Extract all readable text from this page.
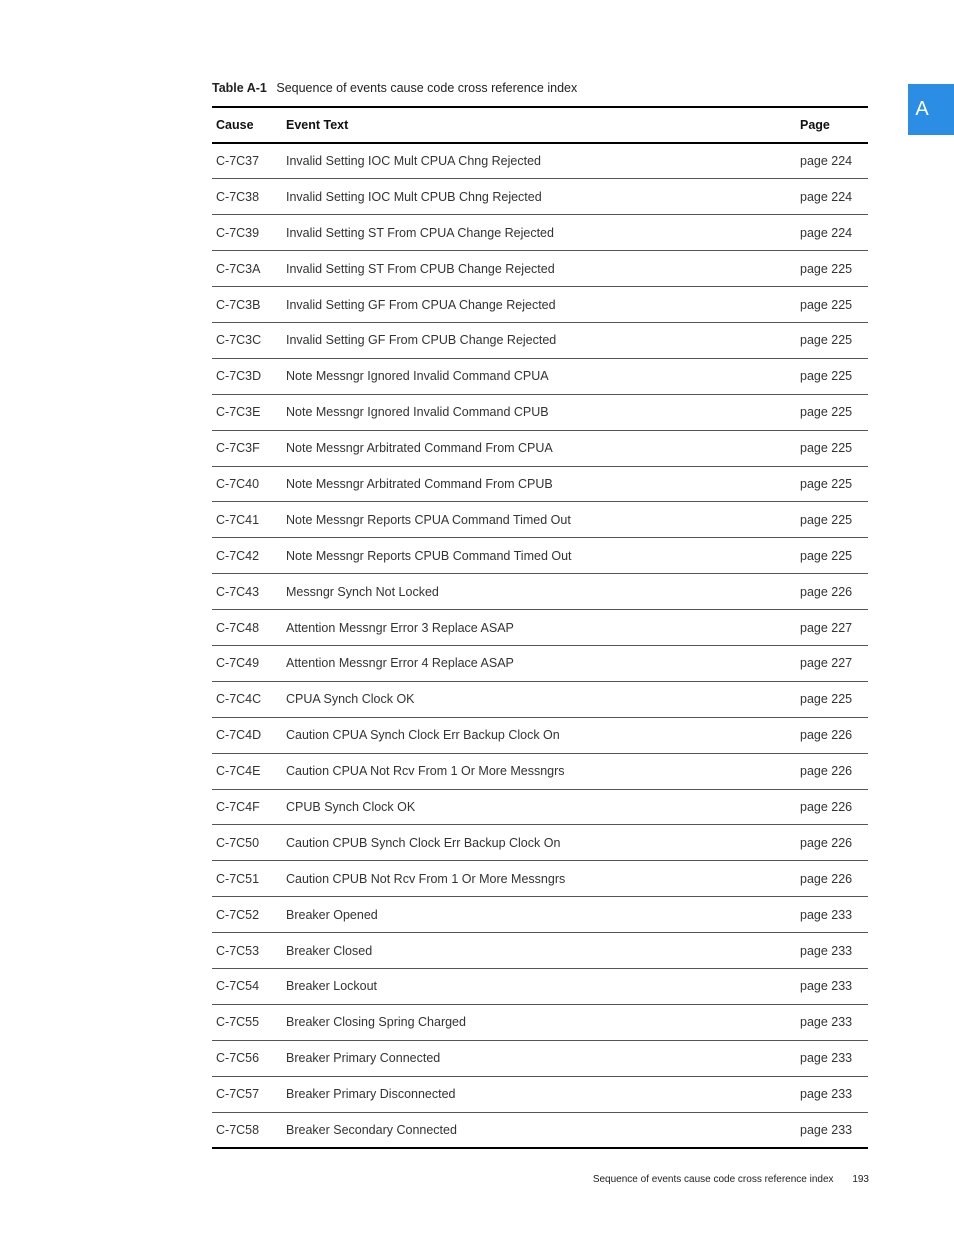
A
Table A-1 Sequence of events cause code cross reference index
Cause	Event Text	Page
C-7C37	Invalid Setting IOC Mult CPUA Chng Rejected	page 224
C-7C38	Invalid Setting IOC Mult CPUB Chng Rejected	page 224
C-7C39	Invalid Setting ST From CPUA Change Rejected	page 224
C-7C3A	Invalid Setting ST From CPUB Change Rejected	page 225
C-7C3B	Invalid Setting GF From CPUA Change Rejected	page 225
C-7C3C	Invalid Setting GF From CPUB Change Rejected	page 225
C-7C3D	Note Messngr Ignored Invalid Command CPUA	page 225
C-7C3E	Note Messngr Ignored Invalid Command CPUB	page 225
C-7C3F	Note Messngr Arbitrated Command From CPUA	page 225
C-7C40	Note Messngr Arbitrated Command From CPUB	page 225
C-7C41	Note Messngr Reports CPUA Command Timed Out	page 225
C-7C42	Note Messngr Reports CPUB Command Timed Out	page 225
C-7C43	Messngr Synch Not Locked	page 226
C-7C48	Attention Messngr Error 3 Replace ASAP	page 227
C-7C49	Attention Messngr Error 4 Replace ASAP	page 227
C-7C4C	CPUA Synch Clock OK	page 225
C-7C4D	Caution CPUA Synch Clock Err Backup Clock On	page 226
C-7C4E	Caution CPUA Not Rcv From 1 Or More Messngrs	page 226
C-7C4F	CPUB Synch Clock OK	page 226
C-7C50	Caution CPUB Synch Clock Err Backup Clock On	page 226
C-7C51	Caution CPUB Not Rcv From 1 Or More Messngrs	page 226
C-7C52	Breaker Opened	page 233
C-7C53	Breaker Closed	page 233
C-7C54	Breaker Lockout	page 233
C-7C55	Breaker Closing Spring Charged	page 233
C-7C56	Breaker Primary Connected	page 233
C-7C57	Breaker Primary Disconnected	page 233
C-7C58	Breaker Secondary Connected	page 233
Sequence of events cause code cross reference index 193
